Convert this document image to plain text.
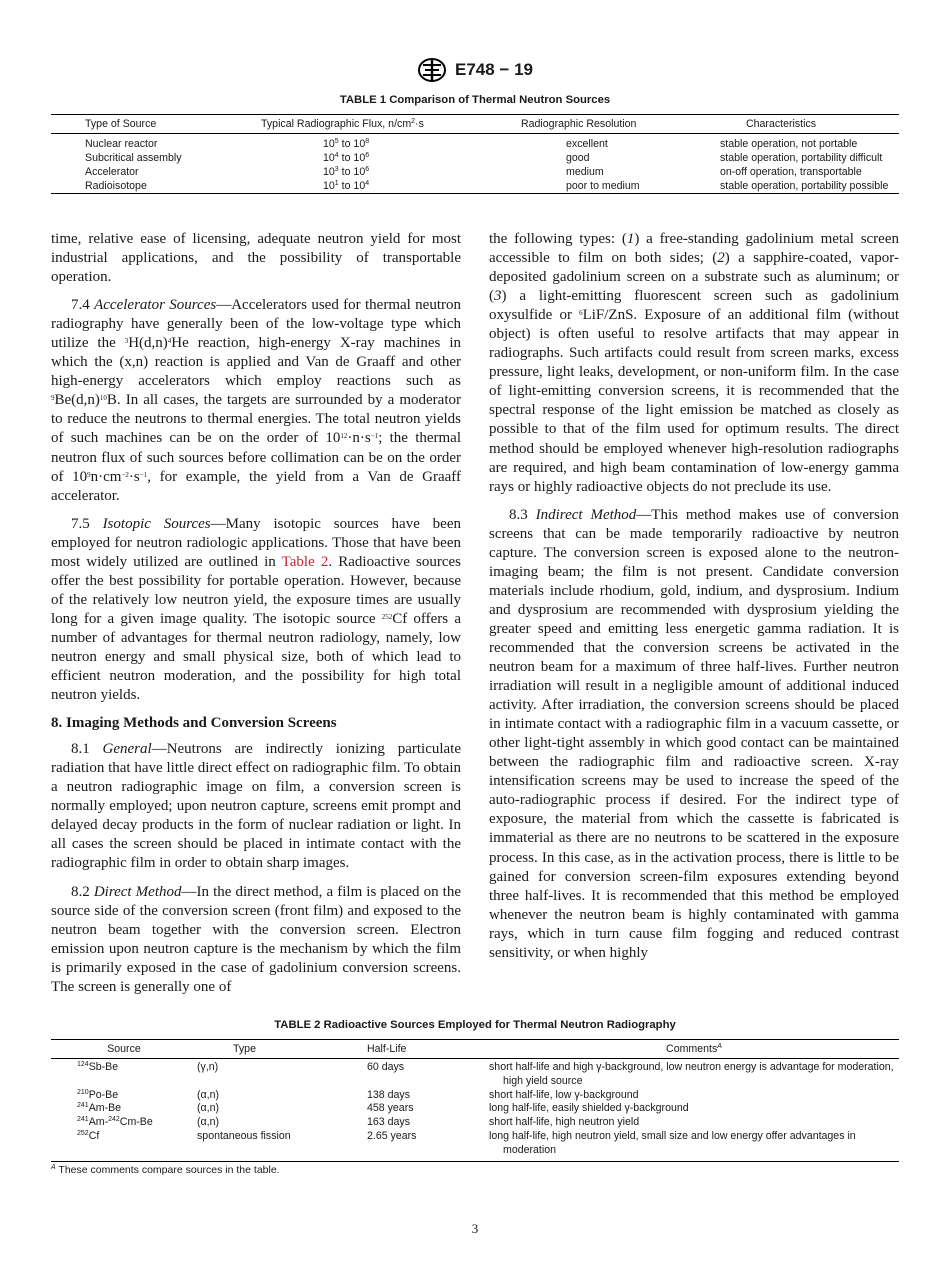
E748 − 19
TABLE 1 Comparison of Thermal Neutron Sources
Type of Source	Typical Radiographic Flux, $n/cm^2\cdot s$	Radiographic Resolution	Characteristics
Nuclear reactor	$10^5$ to $10^8$	excellent	stable operation, not portable
Subcritical assembly	$10^4$ to $10^6$	good	stable operation, portability difficult
Accelerator	$10^3$ to $10^6$	medium	on-off operation, transportable
Radioisotope	$10^1$ to $10^4$	poor to medium	stable operation, portability possible

time, relative ease of licensing, adequate neutron yield for most industrial applications, and the possibility of transportable operation.

7.4 Accelerator Sources—Accelerators used for thermal neutron radiography have generally been of the low-voltage type which utilize the $^3H(d,n)^4He$ reaction, high-energy X-ray machines in which the (x,n) reaction is applied and Van de Graaff and other high-energy accelerators which employ reactions such as $^9Be(d,n)^{10}B$. In all cases, the targets are surrounded by a moderator to reduce the neutrons to thermal energies. The total neutron yields of such machines can be on the order of $10^{12}\cdot n\cdot s^{-1}$; the thermal neutron flux of such sources before collimation can be on the order of $10^9n\cdot cm^{-2}\cdot s^{-1}$, for example, the yield from a Van de Graaff accelerator.

7.5 Isotopic Sources—Many isotopic sources have been employed for neutron radiologic applications. Those that have been most widely utilized are outlined in Table 2. Radioactive sources offer the best possibility for portable operation. However, because of the relatively low neutron yield, the exposure times are usually long for a given image quality. The isotopic source $^{252}$Cf offers a number of advantages for thermal neutron radiology, namely, low neutron energy and small physical size, both of which lead to efficient neutron moderation, and the possibility for high total neutron yields.

8. Imaging Methods and Conversion Screens

8.1 General—Neutrons are indirectly ionizing particulate radiation that have little direct effect on radiographic film. To obtain a neutron radiographic image on film, a conversion screen is normally employed; upon neutron capture, screens emit prompt and delayed decay products in the form of nuclear radiation or light. In all cases the screen should be placed in intimate contact with the radiographic film in order to obtain sharp images.

8.2 Direct Method—In the direct method, a film is placed on the source side of the conversion screen (front film) and exposed to the neutron beam together with the conversion screen. Electron emission upon neutron capture is the mechanism by which the film is primarily exposed in the case of gadolinium conversion screens. The screen is generally one of

the following types: (1) a free-standing gadolinium metal screen accessible to film on both sides; (2) a sapphire-coated, vapor-deposited gadolinium screen on a substrate such as aluminum; or (3) a light-emitting fluorescent screen such as gadolinium oxysulfide or $^6$LiF/ZnS. Exposure of an additional film (without object) is often useful to resolve artifacts that may appear in radiographs. Such artifacts could result from screen marks, excess pressure, light leaks, development, or non-uniform film. In the case of light-emitting conversion screens, it is recommended that the spectral response of the light emission be matched as closely as possible to that of the film used for optimum results. The direct method should be employed whenever high-resolution radiographs are required, and high beam contamination of low-energy gamma rays or highly radioactive objects do not preclude its use.

8.3 Indirect Method—This method makes use of conversion screens that can be made temporarily radioactive by neutron capture. The conversion screen is exposed alone to the neutron-imaging beam; the film is not present. Candidate conversion materials include rhodium, gold, indium, and dysprosium. Indium and dysprosium are recommended with dysprosium yielding the greater speed and emitting less energetic gamma radiation. It is recommended that the conversion screens be activated in the neutron beam for a maximum of three half-lives. Further neutron irradiation will result in a negligible amount of additional induced activity. After irradiation, the conversion screens should be placed in intimate contact with a radiographic film in a vacuum cassette, or other light-tight assembly in which good contact can be maintained between the radiographic film and radioactive screen. X-ray intensification screens may be used to increase the speed of the auto-radiographic process if desired. For the indirect type of exposure, the material from which the cassette is fabricated is immaterial as there are no neutrons to be scattered in the exposure process. In this case, as in the activation process, there is little to be gained for conversion screen-film exposures extending beyond three half-lives. It is recommended that this method be employed whenever the neutron beam is highly contaminated with gamma rays, which in turn cause film fogging and reduced contrast sensitivity, or when highly

TABLE 2 Radioactive Sources Employed for Thermal Neutron Radiography
Source	Type	Half-Life	Comments$^A$
$^{124}$Sb-Be	(γ,n)	60 days	short half-life and high γ-background, low neutron energy is advantage for moderation, high yield source
$^{210}$Po-Be	(α,n)	138 days	short half-life, low γ-background
$^{241}$Am-Be	(α,n)	458 years	long half-life, easily shielded γ-background
$^{241}$Am-$^{242}$Cm-Be	(α,n)	163 days	short half-life, high neutron yield
$^{252}$Cf	spontaneous fission	2.65 years	long half-life, high neutron yield, small size and low energy offer advantages in moderation
$^A$ These comments compare sources in the table.
3
